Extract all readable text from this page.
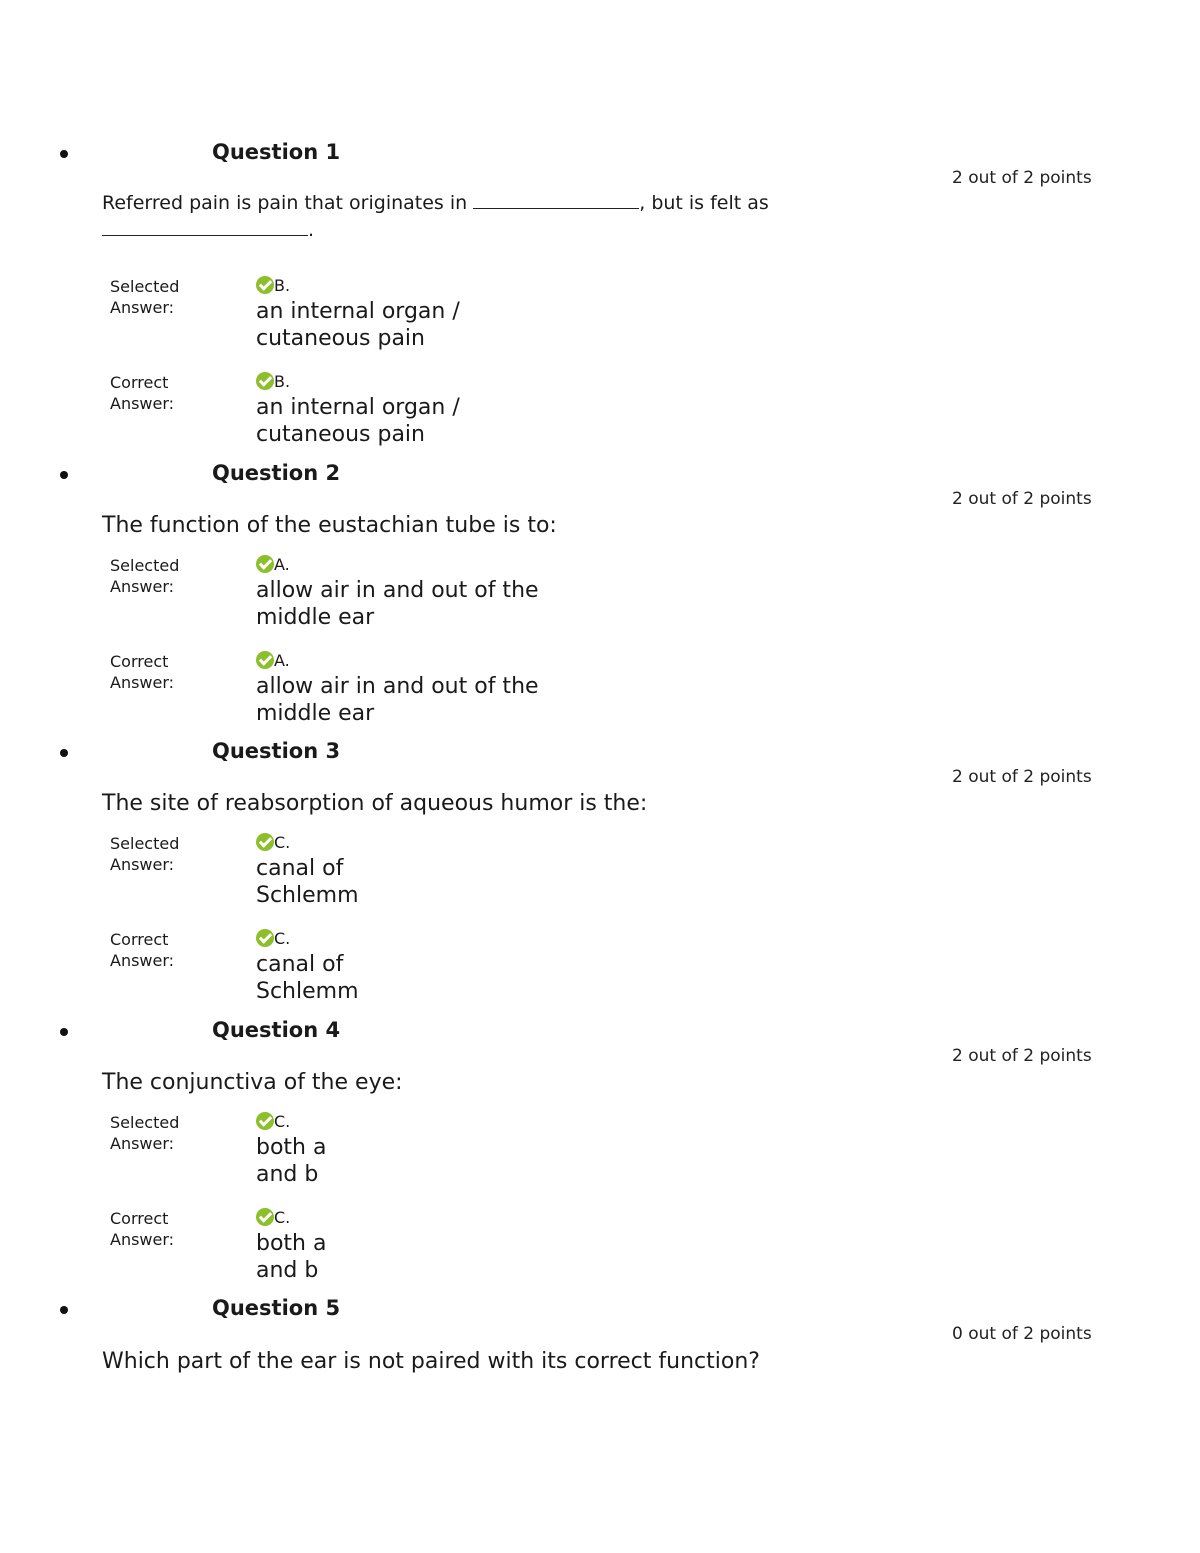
Question 1
2 out of 2 points
Referred pain is pain that originates in	, but is felt as
.
Selected
Answer:
B.
an internal organ /
cutaneous pain
Correct
Answer:
B.
an internal organ /
cutaneous pain
Question 2
2 out of 2 points
The function of the eustachian tube is to:
Selected
Answer:
A.
allow air in and out of the
middle ear
Correct
Answer:
A.
allow air in and out of the
middle ear
Question 3
2 out of 2 points
The site of reabsorption of aqueous humor is the:
Selected
Answer:
C.
canal of
Schlemm
Correct
Answer:
C.
canal of
Schlemm
Question 4
2 out of 2 points
The conjunctiva of the eye:
Selected
Answer:
C.
both a
and b
Correct
Answer:
C.
both a
and b
Question 5
0 out of 2 points
Which part of the ear is not paired with its correct function?
